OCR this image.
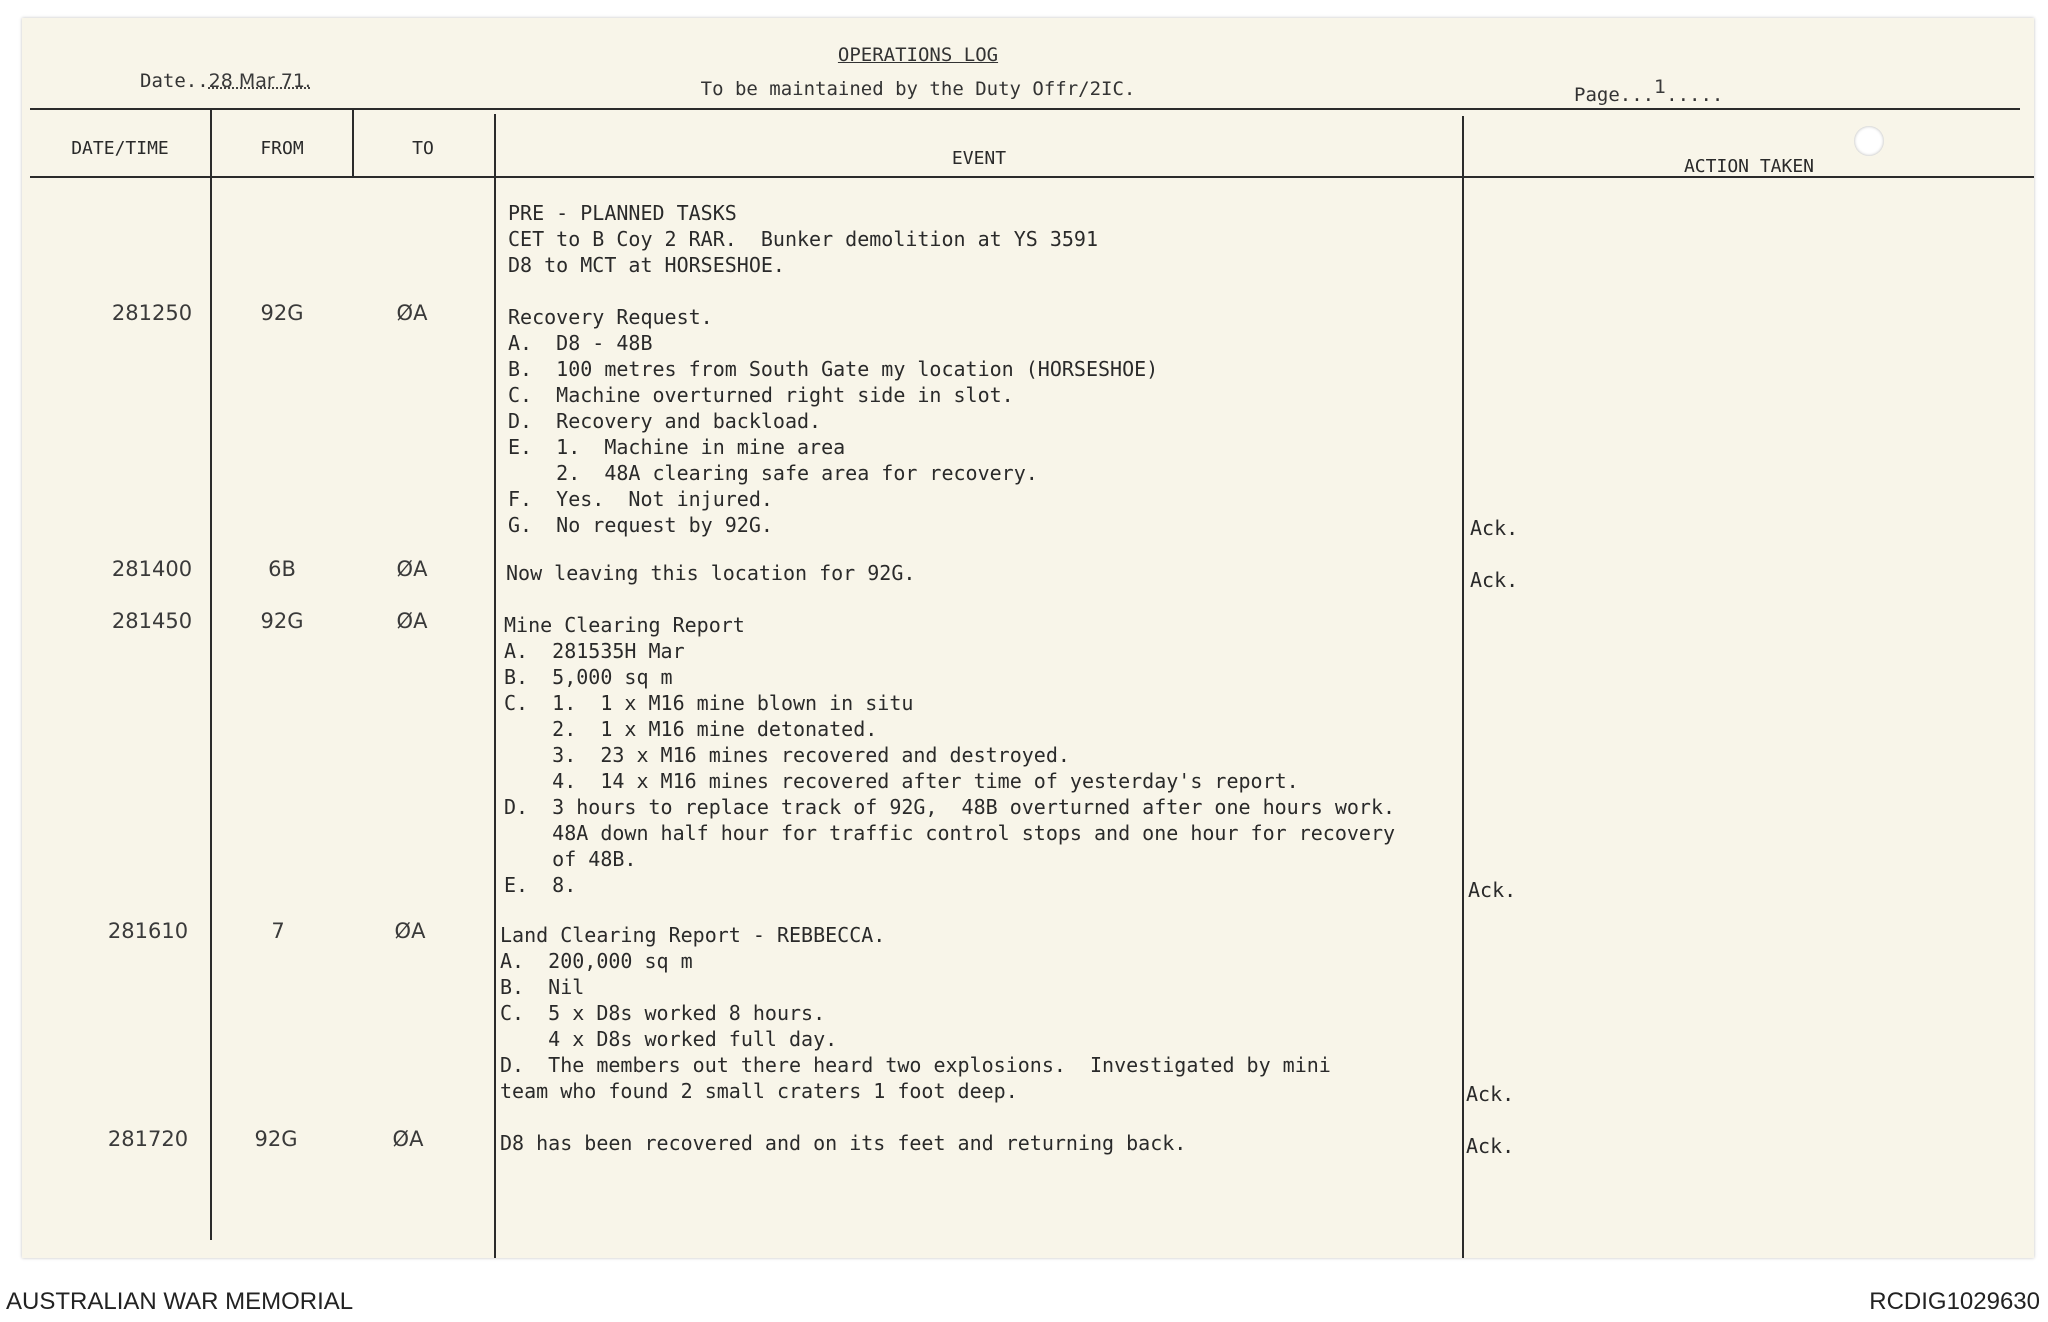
OPERATIONS LOG
To be maintained by the Duty Offr/2IC.
Date..28 Mar 71.
Page...1.....
DATE/TIME	FROM	TO	EVENT	ACTION TAKEN
PRE - PLANNED TASKS
CET to B Coy 2 RAR.  Bunker demolition at YS 3591
D8 to MCT at HORSESHOE.
281250	92G	ØA	Recovery Request.
A.  D8 - 48B
B.  100 metres from South Gate my location (HORSESHOE)
C.  Machine overturned right side in slot.
D.  Recovery and backload.
E.  1.  Machine in mine area
2.  48A clearing safe area for recovery.
F.  Yes.  Not injured.
G.  No request by 92G.	Ack.
281400	6B	ØA	Now leaving this location for 92G.	Ack.
281450	92G	ØA	Mine Clearing Report
A.  281535H Mar
B.  5,000 sq m
C.  1.  1 x M16 mine blown in situ
2.  1 x M16 mine detonated.
3.  23 x M16 mines recovered and destroyed.
4.  14 x M16 mines recovered after time of yesterday's report.
D.  3 hours to replace track of 92G,  48B overturned after one hours work.
48A down half hour for traffic control stops and one hour for recovery
of 48B.
E.  8.	Ack.
281610	7	ØA	Land Clearing Report - REBBECCA.
A.  200,000 sq m
B.  Nil
C.  5 x D8s worked 8 hours.
4 x D8s worked full day.
D.  The members out there heard two explosions.  Investigated by mini
team who found 2 small craters 1 foot deep.	Ack.
281720	92G	ØA	D8 has been recovered and on its feet and returning back.	Ack.
AUSTRALIAN WAR MEMORIAL	RCDIG1029630
